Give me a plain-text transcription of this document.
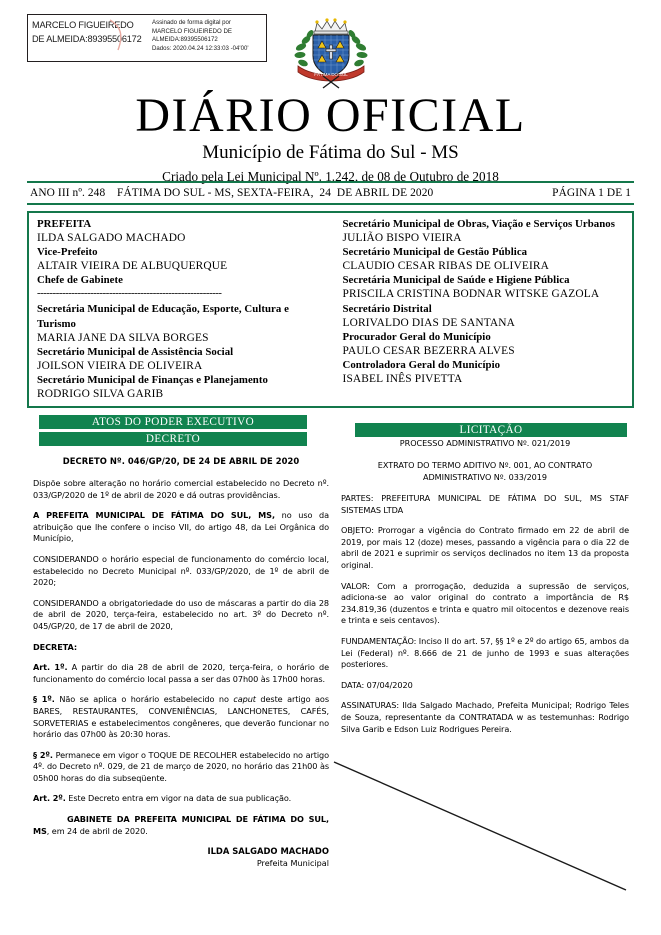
MARCELO FIGUEIREDO DE ALMEIDA:89395506172
Assinado de forma digital por
MARCELO FIGUEIREDO DE
ALMEIDA:89395506172
Dados: 2020.04.24 12:33:03 -04'00'
FÁTIMA DO SUL
DIÁRIO OFICIAL
Município de Fátima do Sul - MS
Criado pela Lei Municipal Nº. 1.242, de 08 de Outubro de 2018
ANO III nº. 248    FÁTIMA DO SUL - MS, SEXTA-FEIRA,  24  DE ABRIL DE 2020	PÁGINA 1 DE 1
PREFEITA
ILDA SALGADO MACHADO
Vice-Prefeito
ALTAIR VIEIRA DE ALBUQUERQUE
Chefe de Gabinete
-----------------------------------------------------------
Secretária Municipal de Educação, Esporte, Cultura e Turismo
MARIA JANE DA SILVA BORGES
Secretário Municipal de Assistência Social
JOILSON VIEIRA DE OLIVEIRA
Secretário Municipal de Finanças e Planejamento
RODRIGO SILVA GARIB
Secretário Municipal de Obras, Viação e Serviços Urbanos
JULIÃO BISPO VIEIRA
Secretário Municipal de Gestão Pública
CLAUDIO CESAR RIBAS DE OLIVEIRA
Secretária Municipal de Saúde e Higiene Pública
PRISCILA CRISTINA BODNAR WITSKE GAZOLA
Secretário Distrital
LORIVALDO DIAS DE SANTANA
Procurador Geral do Município
PAULO CESAR BEZERRA ALVES
Controladora Geral do Município
ISABEL INÊS PIVETTA
ATOS DO PODER EXECUTIVO
DECRETO
LICITAÇÃO
DECRETO Nº. 046/GP/20, DE 24 DE ABRIL DE 2020

Dispõe sobre alteração no horário comercial estabelecido no Decreto nº. 033/GP/2020 de 1º de abril de 2020 e dá outras providências.

A PREFEITA MUNICIPAL DE FÁTIMA DO SUL, MS, no uso da atribuição que lhe confere o inciso VII, do artigo 48, da Lei Orgânica do Município,

CONSIDERANDO o horário especial de funcionamento do comércio local, estabelecido no Decreto Municipal nº. 033/GP/2020, de 1º de abril de 2020;

CONSIDERANDO a obrigatoriedade do uso de máscaras a partir do dia 28 de abril de 2020, terça-feira, estabelecido no art. 3º do Decreto nº. 045/GP/20, de 17 de abril de 2020,

DECRETA:

Art. 1º. A partir do dia 28 de abril de 2020, terça-feira, o horário de funcionamento do comércio local passa a ser das 07h00 às 17h00 horas.

§ 1º. Não se aplica o horário estabelecido no caput deste artigo aos BARES, RESTAURANTES, CONVENIÊNCIAS, LANCHONETES, CAFÉS, SORVETERIAS e estabelecimentos congêneres, que deverão funcionar no horário das 07h00 às 20:30 horas.

§ 2º. Permanece em vigor o TOQUE DE RECOLHER estabelecido no artigo 4º. do Decreto nº. 029, de 21 de março de 2020, no horário das 21h00 às 05h00 horas do dia subseqüente.

Art. 2º. Este Decreto entra em vigor na data de sua publicação.

GABINETE DA PREFEITA MUNICIPAL DE FÁTIMA DO SUL, MS, em 24 de abril de 2020.

ILDA SALGADO MACHADO

Prefeita Municipal

PROCESSO ADMINISTRATIVO Nº. 021/2019
EXTRATO DO TERMO ADITIVO Nº. 001, AO CONTRATO
ADMINISTRATIVO Nº. 033/2019

PARTES: PREFEITURA MUNICIPAL DE FÁTIMA DO SUL, MS STAF SISTEMAS LTDA

OBJETO: Prorrogar a vigência do Contrato firmado em 22 de abril de 2019, por mais 12 (doze) meses, passando a vigência para o dia 22 de abril de 2021 e suprimir os serviços declinados no item 13 da proposta original.

VALOR: Com a prorrogação, deduzida a supressão de serviços, adiciona-se ao valor original do contrato a importância de R$ 234.819,36 (duzentos e trinta e quatro mil oitocentos e dezenove reais e trinta e seis centavos).

FUNDAMENTAÇÃO: Inciso II do art. 57, §§ 1º e 2º do artigo 65, ambos da Lei (Federal) nº. 8.666 de 21 de junho de 1993 e suas alterações posteriores.

DATA: 07/04/2020

ASSINATURAS: Ilda Salgado Machado, Prefeita Municipal; Rodrigo Teles de Souza, representante da CONTRATADA w as testemunhas: Rodrigo Silva Garib e Edson Luiz Rodrigues Pereira.
